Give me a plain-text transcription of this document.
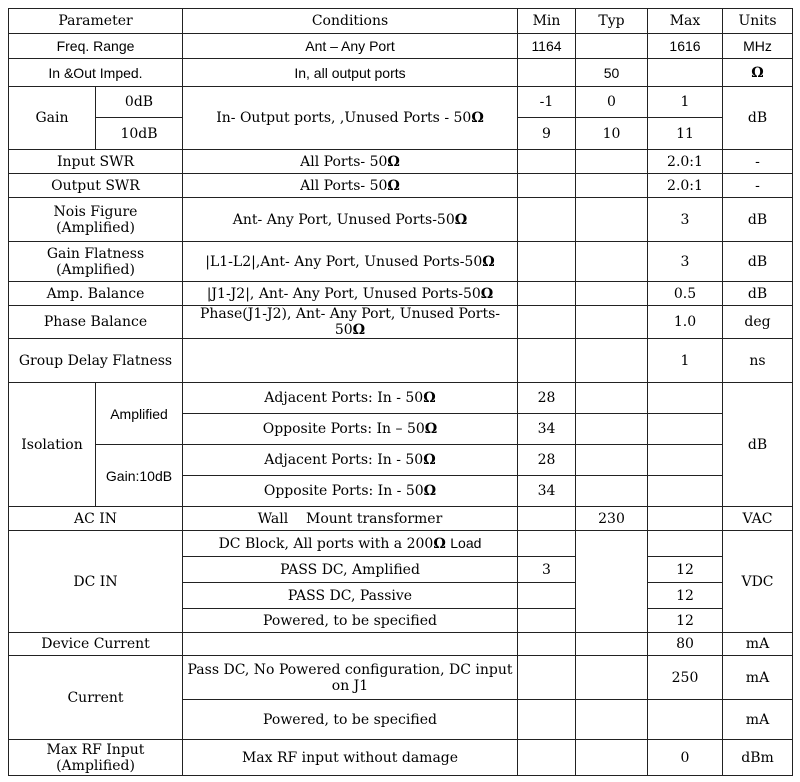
Parameter		Conditions	Min	Typ	Max	Units
Freq. Range		Ant – Any Port	1164		1616	MHz
In &Out Imped.		In, all output ports		50		Ω
Gain	0dB	In- Output ports, ,Unused Ports - 50Ω	-1	0	1	dB
	10dB		9	10	11	
Input SWR		All Ports- 50Ω			2.0:1	-
Output SWR		All Ports- 50Ω			2.0:1	-
Nois Figure
(Amplified)		Ant- Any Port, Unused Ports-50Ω			3	dB
Gain Flatness
(Amplified)		|L1-L2|,Ant- Any Port, Unused Ports-50Ω			3	dB
Amp. Balance		|J1-J2|, Ant- Any Port, Unused Ports-50Ω			0.5	dB
Phase Balance		Phase(J1-J2), Ant- Any Port, Unused Ports-50Ω			1.0	deg
Group Delay Flatness					1	ns
Isolation	Amplified	Adjacent Ports: In - 50Ω	28			dB
		Opposite Ports: In – 50Ω	34			
	Gain:10dB	Adjacent Ports: In - 50Ω	28			
		Opposite Ports: In - 50Ω	34			
AC IN		Wall    Mount transformer		230		VAC
DC IN		DC Block, All ports with a 200Ω Load				VDC
		PASS DC, Amplified	3		12	
		PASS DC, Passive			12	
		Powered, to be specified			12	
Device Current					80	mA
Current		Pass DC, No Powered configuration, DC input
on J1			250	mA
		Powered, to be specified				mA
Max RF Input
(Amplified)		Max RF input without damage			0	dBm
